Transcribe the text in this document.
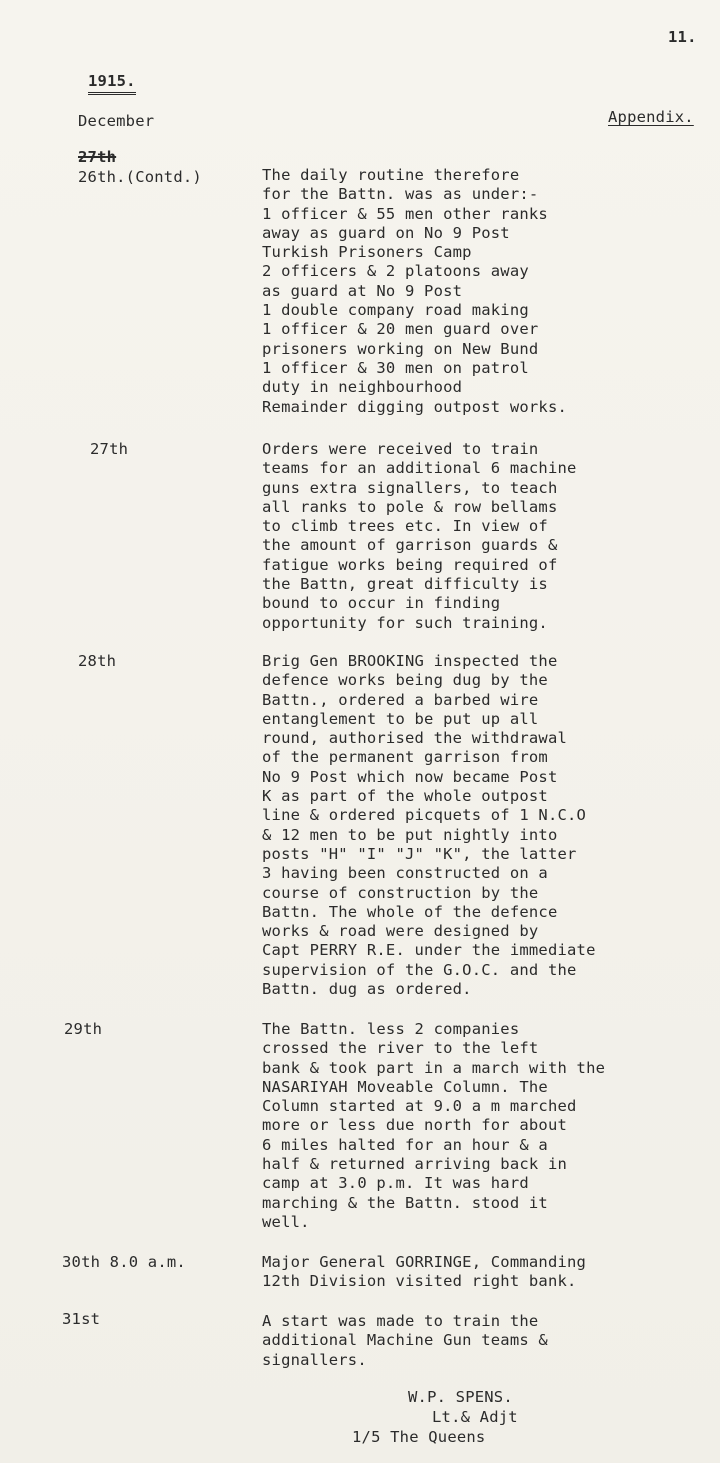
11.
1915.
December	Appendix.
27th
26th.(Contd.)	The daily routine therefore
for the Battn. was as under:-
1 officer & 55 men other ranks
away as guard on No 9 Post
Turkish Prisoners Camp
2 officers & 2 platoons away
as guard at No 9 Post
1 double company road making
1 officer & 20 men guard over
prisoners working on New Bund
1 officer & 30 men on patrol
duty in neighbourhood
Remainder digging outpost works.
27th	Orders were received to train
teams for an additional 6 machine
guns extra signallers, to teach
all ranks to pole & row bellams
to climb trees etc. In view of
the amount of garrison guards &
fatigue works being required of
the Battn, great difficulty is
bound to occur in finding
opportunity for such training.
28th	Brig Gen BROOKING inspected the
defence works being dug by the
Battn., ordered a barbed wire
entanglement to be put up all
round, authorised the withdrawal
of the permanent garrison from
No 9 Post which now became Post
K as part of the whole outpost
line & ordered picquets of 1 N.C.O
& 12 men to be put nightly into
posts "H" "I" "J" "K", the latter
3 having been constructed on a
course of construction by the
Battn. The whole of the defence
works & road were designed by
Capt PERRY R.E. under the immediate
supervision of the G.O.C. and the
Battn. dug as ordered.
29th	The Battn. less 2 companies
crossed the river to the left
bank & took part in a march with the
NASARIYAH Moveable Column. The
Column started at 9.0 a m marched
more or less due north for about
6 miles halted for an hour & a
half & returned arriving back in
camp at 3.0 p.m. It was hard
marching & the Battn. stood it
well.
30th 8.0 a.m.	Major General GORRINGE, Commanding
12th Division visited right bank.
31st	A start was made to train the
additional Machine Gun teams &
signallers.
W.P. SPENS.
Lt.& Adjt
1/5 The Queens
